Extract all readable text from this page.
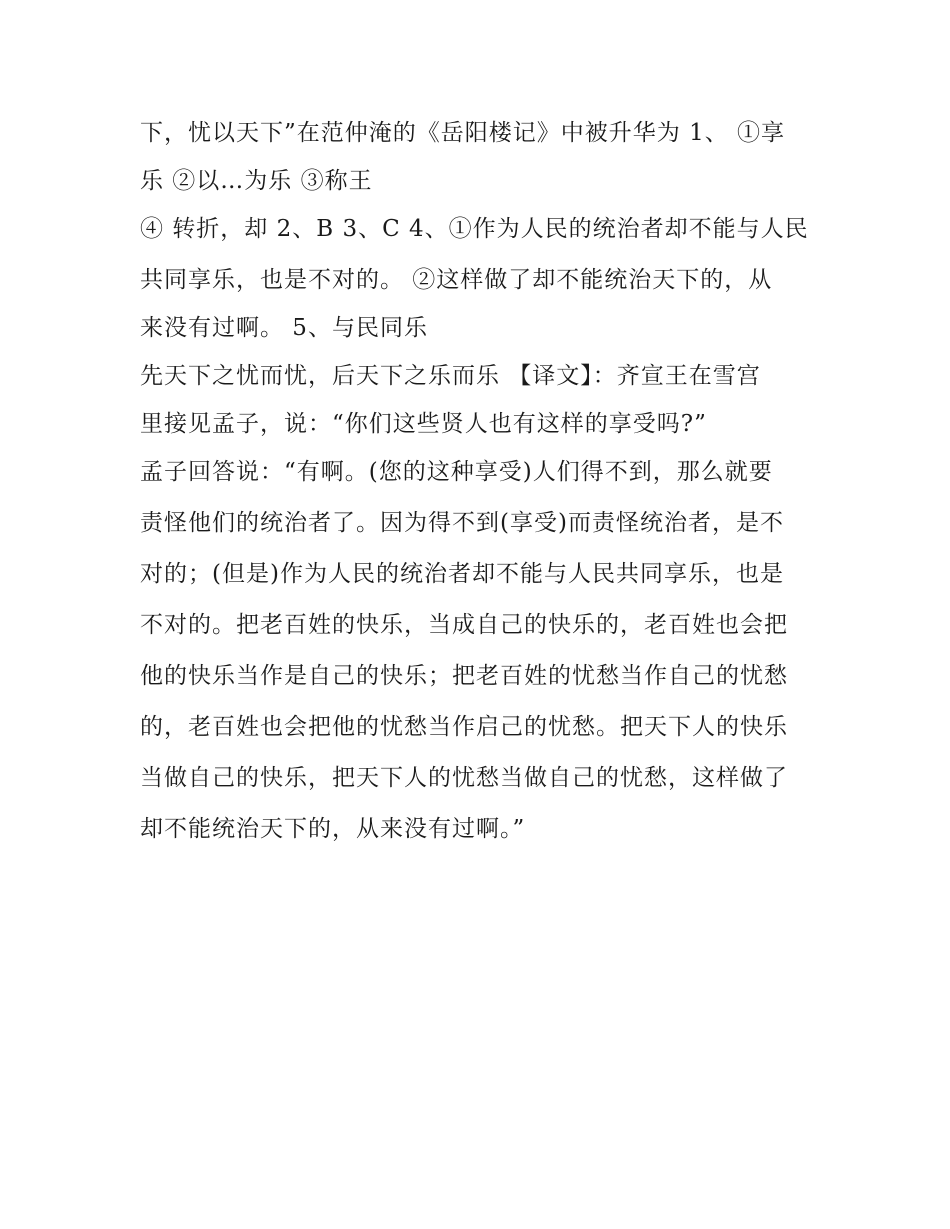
下，忧以天下”在范仲淹的《岳阳楼记》中被升华为 1、 ①享
乐 ②以…为乐 ③称王

④ 转折，却 2、B 3、C 4、①作为人民的统治者却不能与人民
共同享乐，也是不对的。 ②这样做了却不能统治天下的，从
来没有过啊。 5、与民同乐

先天下之忧而忧，后天下之乐而乐 【译文】：齐宣王在雪宫
里接见孟子，说：“你们这些贤人也有这样的享受吗?”

孟子回答说：“有啊。(您的这种享受)人们得不到，那么就要
责怪他们的统治者了。因为得不到(享受)而责怪统治者，是不
对的；(但是)作为人民的统治者却不能与人民共同享乐，也是
不对的。把老百姓的快乐，当成自己的快乐的，老百姓也会把
他的快乐当作是自己的快乐；把老百姓的忧愁当作自己的忧愁
的，老百姓也会把他的忧愁当作启己的忧愁。把天下人的快乐
当做自己的快乐，把天下人的忧愁当做自己的忧愁，这样做了
却不能统治天下的，从来没有过啊。”
